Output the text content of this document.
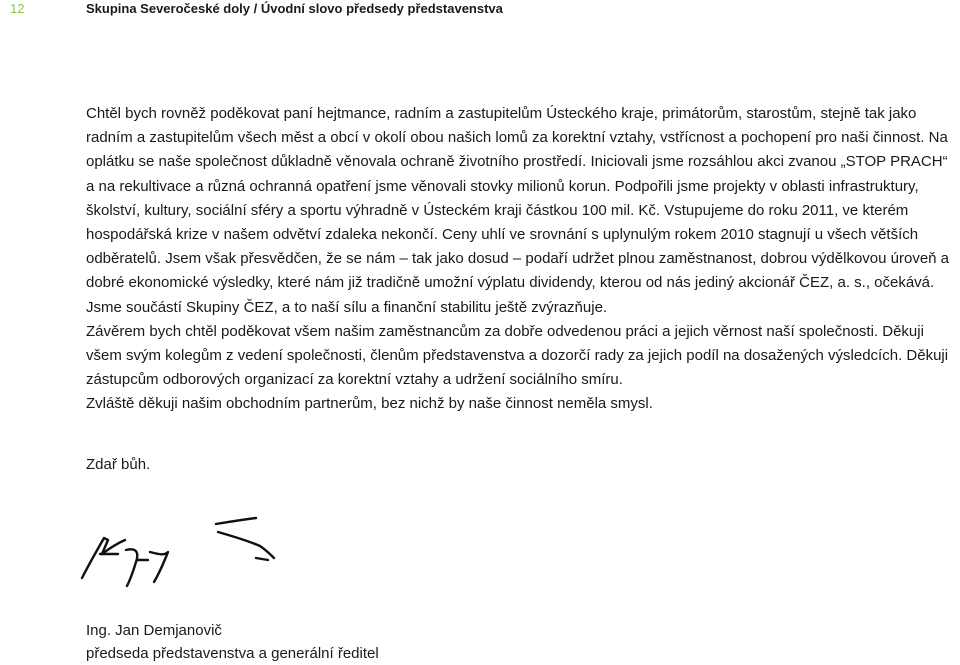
12	Skupina Severočeské doly / Úvodní slovo předsedy představenstva

Chtěl bych rovněž poděkovat paní hejtmance, radním a zastupitelům Ústeckého kraje, primátorům, starostům, stejně tak jako radním a zastupitelům všech měst a obcí v okolí obou našich lomů za korektní vztahy, vstřícnost a pochopení pro naši činnost. Na oplátku se naše společnost důkladně věnovala ochraně životního prostředí. Iniciovali jsme rozsáhlou akci zvanou „STOP PRACH“ a na rekultivace a různá ochranná opatření jsme věnovali stovky milionů korun. Podpořili jsme projekty v oblasti infrastruktury, školství, kultury, sociální sféry a sportu výhradně v Ústeckém kraji částkou 100 mil. Kč. Vstupujeme do roku 2011, ve kterém hospodářská krize v našem odvětví zdaleka nekončí. Ceny uhlí ve srovnání s uplynulým rokem 2010 stagnují u všech větších odběratelů. Jsem však přesvědčen, že se nám – tak jako dosud – podaří udržet plnou zaměstnanost, dobrou výdělkovou úroveň a dobré ekonomické výsledky, které nám již tradičně umožní výplatu dividendy, kterou od nás jediný akcionář ČEZ, a. s., očekává. Jsme součástí Skupiny ČEZ, a to naší sílu a finanční stabilitu ještě zvýrazňuje.

Závěrem bych chtěl poděkovat všem našim zaměstnancům za dobře odvedenou práci a jejich věrnost naší společnosti. Děkuji všem svým kolegům z vedení společnosti, členům představenstva a dozorčí rady za jejich podíl na dosažených výsledcích. Děkuji zástupcům odborových organizací za korektní vztahy a udržení sociálního smíru.

Zvláště děkuji našim obchodním partnerům, bez nichž by naše činnost neměla smysl.

Zdař bůh.
Ing. Jan Demjanovič
předseda představenstva a generální ředitel
